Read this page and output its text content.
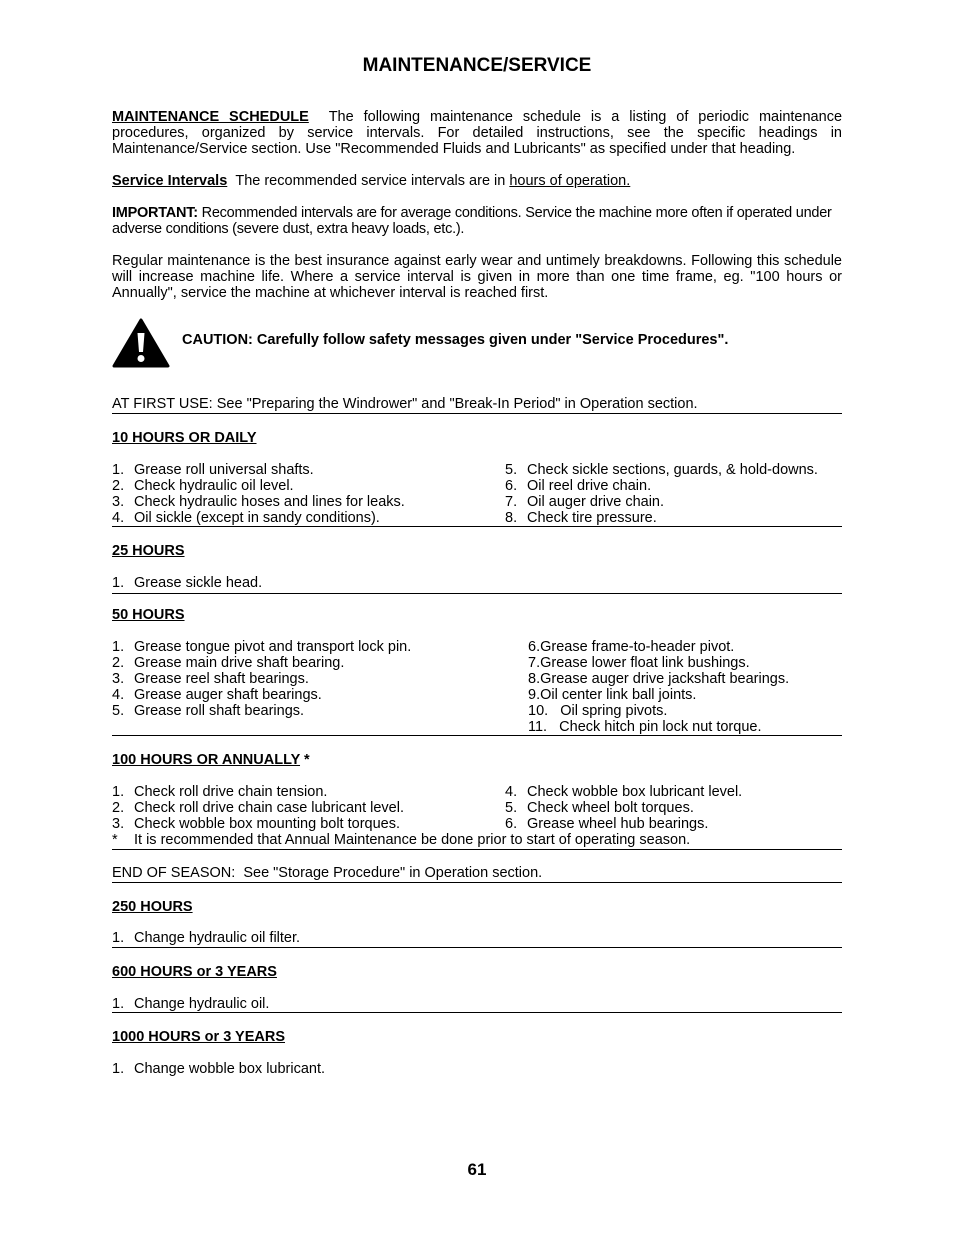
MAINTENANCE/SERVICE
MAINTENANCE SCHEDULE The following maintenance schedule is a listing of periodic maintenance procedures, organized by service intervals. For detailed instructions, see the specific headings in Maintenance/Service section. Use "Recommended Fluids and Lubricants" as specified under that heading.
Service Intervals The recommended service intervals are in hours of operation.
IMPORTANT: Recommended intervals are for average conditions. Service the machine more often if operated under adverse conditions (severe dust, extra heavy loads, etc.).
Regular maintenance is the best insurance against early wear and untimely breakdowns. Following this schedule will increase machine life. Where a service interval is given in more than one time frame, eg. "100 hours or Annually", service the machine at whichever interval is reached first.
CAUTION: Carefully follow safety messages given under "Service Procedures".
AT FIRST USE: See "Preparing the Windrower" and "Break-In Period" in Operation section.
10 HOURS OR DAILY
1. Grease roll universal shafts.
2. Check hydraulic oil level.
3. Check hydraulic hoses and lines for leaks.
4. Oil sickle (except in sandy conditions).
5. Check sickle sections, guards, & hold-downs.
6. Oil reel drive chain.
7. Oil auger drive chain.
8. Check tire pressure.
25 HOURS
1. Grease sickle head.
50 HOURS
1. Grease tongue pivot and transport lock pin.
2. Grease main drive shaft bearing.
3. Grease reel shaft bearings.
4. Grease auger shaft bearings.
5. Grease roll shaft bearings.
6.Grease frame-to-header pivot.
7.Grease lower float link bushings.
8.Grease auger drive jackshaft bearings.
9.Oil center link ball joints.
10.   Oil spring pivots.
11.   Check hitch pin lock nut torque.
100 HOURS OR ANNUALLY *
1. Check roll drive chain tension.
2. Check roll drive chain case lubricant level.
3. Check wobble box mounting bolt torques.
* It is recommended that Annual Maintenance be done prior to start of operating season.
4. Check wobble box lubricant level.
5. Check wheel bolt torques.
6. Grease wheel hub bearings.
END OF SEASON:  See "Storage Procedure" in Operation section.
250 HOURS
1. Change hydraulic oil filter.
600 HOURS or 3 YEARS
1. Change hydraulic oil.
1000 HOURS or 3 YEARS
1. Change wobble box lubricant.
61
